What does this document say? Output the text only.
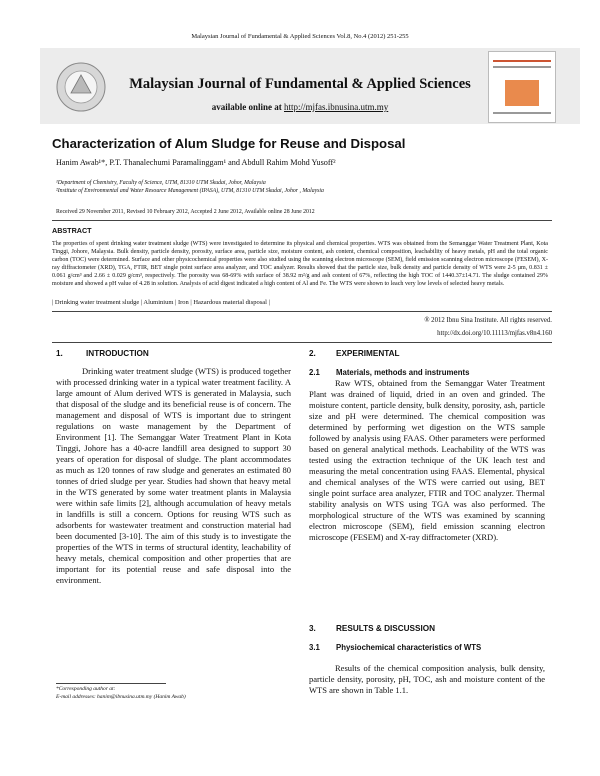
Malaysian Journal of Fundamental & Applied Sciences Vol.8, No.4 (2012) 251-255
Malaysian Journal of Fundamental & Applied Sciences
available online at http://mjfas.ibnusina.utm.my
Characterization of Alum Sludge for Reuse and Disposal
Hanim Awab¹*, P.T. Thanalechumi Paramalinggam¹ and Abdull Rahim Mohd Yusoff²
¹Department of Chemistry, Faculty of Science, UTM, 81310 UTM Skudai, Johor, Malaysia
²Institute of Environmental and Water Resource Management (IPASA), UTM, 81310 UTM Skudai, Johor , Malaysia
Received 29 November 2011, Revised 10 February 2012, Accepted 2 June 2012, Available online 28 June 2012
ABSTRACT
The properties of spent drinking water treatment sludge (WTS) were investigated to determine its physical and chemical properties. WTS was obtained from the Semanggar Water Treatment Plant, Kota Tinggi, Johore, Malaysia. Bulk density, particle density, porosity, surface area, particle size, moisture content, ash content, chemical composition, leachability of heavy metals, pH and the total organic carbon (TOC) were determined. Surface and other physicochemical properties were also studied using the scanning electron microscope (SEM), field emission scanning electron microscope (FESEM), X-ray diffractometer (XRD), TGA, FTIR, BET single point surface area analyzer, and TOC analyzer. Results showed that the particle size, bulk density and particle density of WTS were 2-5 µm, 0.831 ± 0.061 g/cm³ and 2.66 ± 0.029 g/cm³, respectively. The porosity was 68-69% with surface of 38.92 m²/g and ash content of 67%, reflecting the high TOC of 1440.37±14.71. The sludge contained 29% moisture and showed a pH value of 4.28 in solution. Analysis of acid digest indicated a high content of Al and Fe. The WTS were shown to leach very low levels of selected heavy metals.
| Drinking water treatment sludge | Aluminium | Iron | Hazardous material disposal |
® 2012 Ibnu Sina Institute. All rights reserved.
http://dx.doi.org/10.11113/mjfas.v8n4.160
1.	INTRODUCTION

Drinking water treatment sludge (WTS) is produced together with processed drinking water in a typical water treatment facility. A large amount of Alum derived WTS is generated in Malaysia, such that disposal of the sludge and its beneficial reuse is of concern. The management and disposal of WTS is important due to stringent regulations on waste management by the Department of Environment [1]. The Semanggar Water Treatment Plant in Kota Tinggi, Johore has a 40-acre landfill area designed to support 30 years of operation for disposal of sludge. The plant accommodates as much as 120 tonnes of raw sludge and generates an estimated 80 tonnes of dried sludge per year. Studies had shown that heavy metal in the WTS generated by some water treatment plants in Malaysia were within safe limits [2], although accumulation of heavy metals in landfills is still a concern. Options for reusing WTS such as adsorbents for wastewater treatment and construction material had been documented [3-10]. The aim of this study is to investigate the properties of the WTS in terms of structural identity, leachability of heavy metals, chemical composition and other properties that are important for its potential reuse and safe disposal into the environment.

*Corresponding author at:
E-mail addresses: hanim@ibnusina.utm.my (Hanim Awab)
2. EXPERIMENTAL
2.1 Materials, methods and instruments

Raw WTS, obtained from the Semanggar Water Treatment Plant was drained of liquid, dried in an oven and grinded. The moisture content, particle density, bulk density, porosity, ash, particle size and pH were determined. The chemical composition was determined by performing wet digestion on the WTS sample followed by analysis using FAAS. Other parameters were performed based on general analytical methods. Leachability of the WTS was tested using the extraction technique of the UK leach test and measuring the metal concentration using FAAS. Elemental, physical and chemical analyses of the WTS were carried out using, BET single point surface area analyzer, FTIR and TOC analyzer. Thermal stability analysis on WTS using TGA was also performed. The morphological structure of the WTS was examined by scanning electron microscope (SEM), field emission scanning electron microscope (FESEM) and X-ray diffractometer (XRD).

3. RESULTS & DISCUSSION
3.1 Physiochemical characteristics of WTS

Results of the chemical composition analysis, bulk density, particle density, porosity, pH, TOC, ash and moisture content of the WTS are shown in Table 1.1.
